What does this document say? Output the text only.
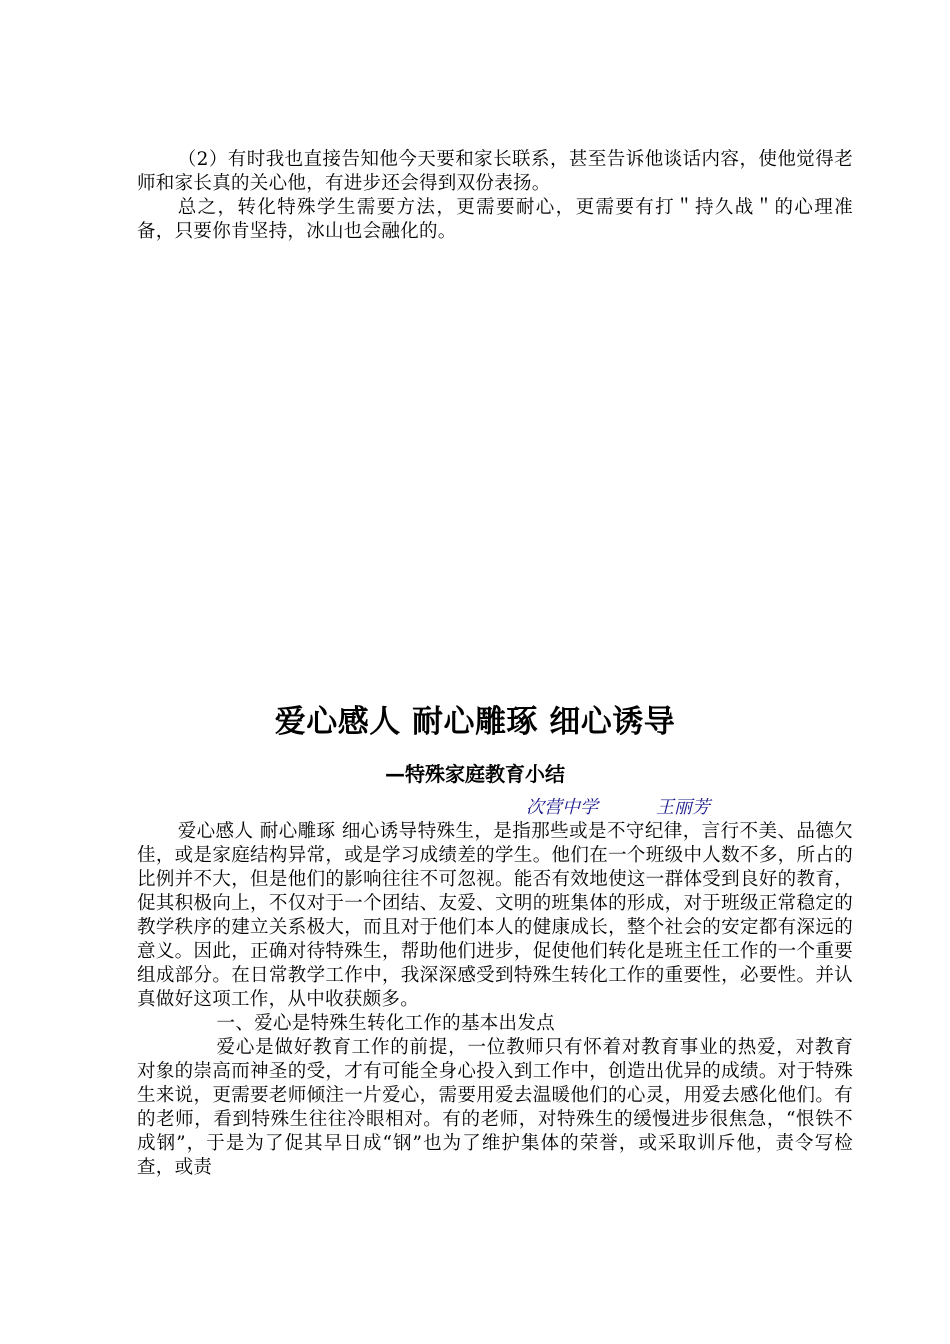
（2）有时我也直接告知他今天要和家长联系，甚至告诉他谈话内容，使他觉得老师和家长真的关心他，有进步还会得到双份表扬。

总之，转化特殊学生需要方法，更需要耐心，更需要有打＂持久战＂的心理准备，只要你肯坚持，冰山也会融化的。

爱心感人 耐心雕琢 细心诱导
—特殊家庭教育小结
次营中学	王丽芳

爱心感人 耐心雕琢 细心诱导特殊生，是指那些或是不守纪律，言行不美、品德欠佳，或是家庭结构异常，或是学习成绩差的学生。他们在一个班级中人数不多，所占的比例并不大，但是他们的影响往往不可忽视。能否有效地使这一群体受到良好的教育，促其积极向上，不仅对于一个团结、友爱、文明的班集体的形成，对于班级正常稳定的教学秩序的建立关系极大，而且对于他们本人的健康成长，整个社会的安定都有深远的意义。因此，正确对待特殊生，帮助他们进步，促使他们转化是班主任工作的一个重要组成部分。在日常教学工作中，我深深感受到特殊生转化工作的重要性，必要性。并认真做好这项工作，从中收获颇多。

一、爱心是特殊生转化工作的基本出发点

爱心是做好教育工作的前提，一位教师只有怀着对教育事业的热爱，对教育对象的崇高而神圣的受，才有可能全身心投入到工作中，创造出优异的成绩。对于特殊生来说，更需要老师倾注一片爱心，需要用爱去温暖他们的心灵，用爱去感化他们。有的老师，看到特殊生往往冷眼相对。有的老师，对特殊生的缓慢进步很焦急，“恨铁不成钢”，于是为了促其早日成“钢”也为了维护集体的荣誉，或采取训斥他，责令写检查，或责
